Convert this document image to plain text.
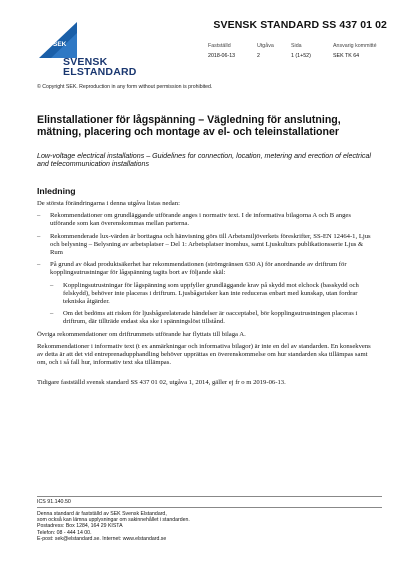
SEK
SVENSK
ELSTANDARD
SVENSK STANDARD SS 437 01 02
Fastställd
2018-06-13
Utgåva
2
Sida
1 (1+52)
Ansvarig kommitté
SEK TK 64
© Copyright SEK. Reproduction in any form without permission is prohibited.
Elinstallationer för lågspänning – Vägledning för anslutning, mätning, placering och montage av el- och teleinstallationer
Low-voltage electrical installations – Guidelines for connection, location, metering and erection of electrical and telecommunication installations
Inledning

De största förändringarna i denna utgåva listas nedan:

– Rekommendationer om grundläggande utförande anges i normativ text. I de informativa bilagorna A och B anges utförande som kan överenskommas mellan parterna.
– Rekommenderade lux-värden är borttagna och hänvisning görs till Arbetsmiljöverkets föreskrifter, SS-EN 12464-1, Ljus och belysning – Belysning av arbetsplatser – Del 1: Arbetsplatser inomhus, samt Ljuskulturs publikationsserie Ljus & Rum
– På grund av ökad produktsäkerhet har rekommendationen (strömgränsen 630 A) för anordnande av driftrum för kopplingsutrustningar för lågspänning tagits bort av följande skäl:
– Kopplingsutrustningar för lågspänning som uppfyller grundläggande krav på skydd mot elchock (basskydd och felskydd), behöver inte placeras i driftrum. Ljusbågsrisker kan inte reduceras enbart med kunskap, utan fordrar tekniska åtgärder.
– Om det bedöms att risken för ljusbågsrelaterade händelser är oacceptabel, bör kopplingsutrustningen placeras i driftrum, där tillträde endast ska ske i spänningslöst tillstånd.

Övriga rekommendationer om driftrummets utförande har flyttats till bilaga A.

Rekommendationer i informativ text (t ex anmärkningar och informativa bilagor) är inte en del av standarden. En konsekvens av detta är att det vid entreprenadupphandling behöver upprättas en överenskommelse om hur standarden ska tillämpas samt om, och i så fall hur, informativ text ska tillämpas.

Tidigare fastställd svensk standard SS 437 01 02, utgåva 1, 2014, gäller ej fr o m 2019-06-13.

ICS 91.140.50
Denna standard är fastställd av SEK Svensk Elstandard,
som också kan lämna upplysningar om sakinnehållet i standarden.
Postadress: Box 1284, 164 29 KISTA
Telefon: 08 - 444 14 00.
E-post: sek@elstandard.se. Internet: www.elstandard.se
